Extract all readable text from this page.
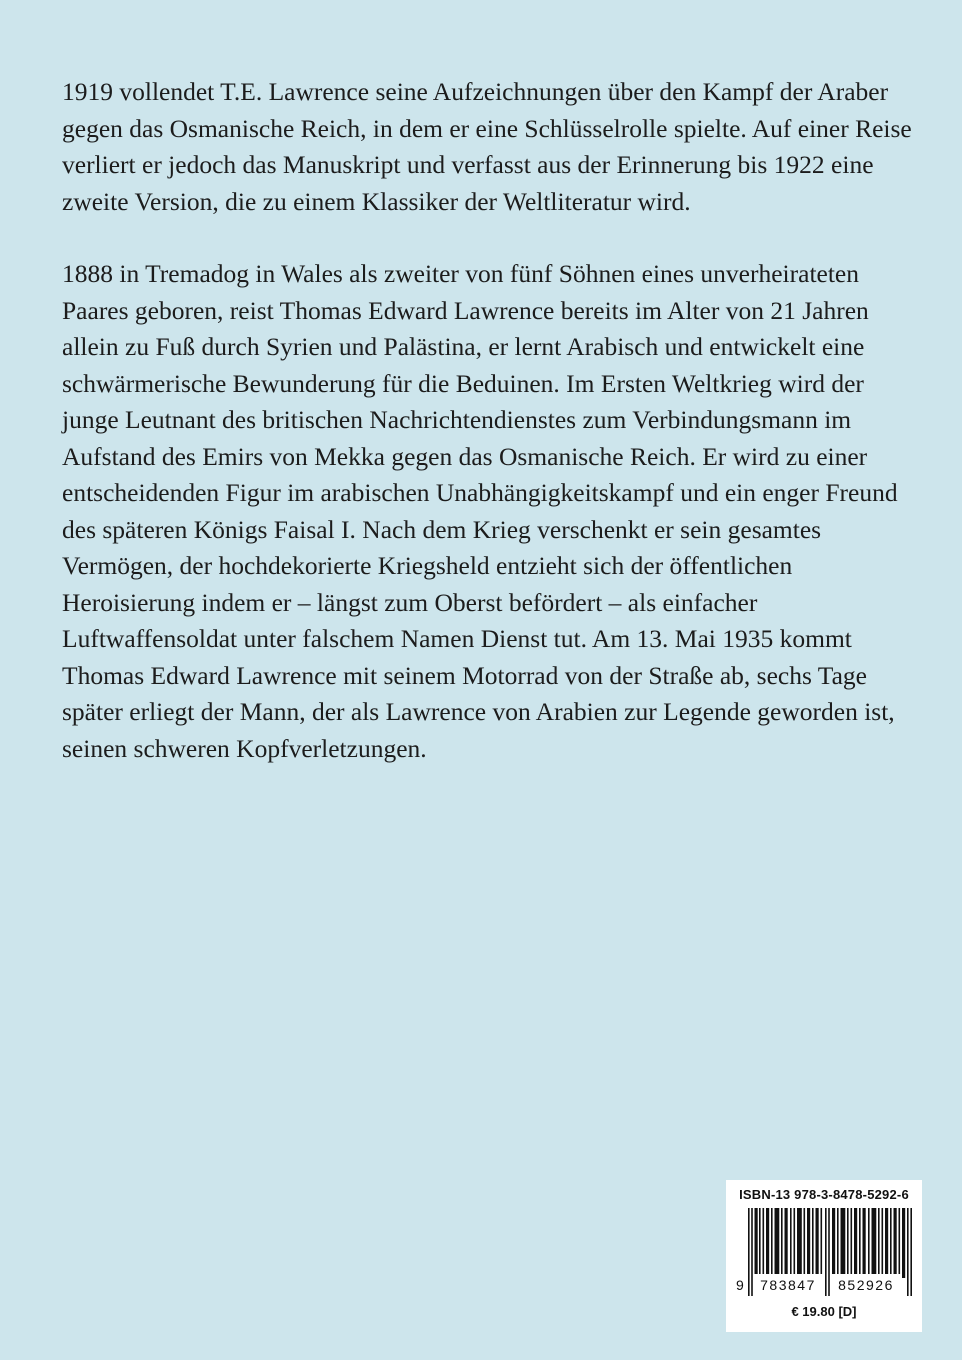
1919 vollendet T.E. Lawrence seine Aufzeichnungen über den Kampf der Araber gegen das Osmanische Reich, in dem er eine Schlüsselrolle spielte. Auf einer Reise verliert er jedoch das Manuskript und verfasst aus der Erinnerung bis 1922 eine zweite Version, die zu einem Klassiker der Weltliteratur wird.

1888 in Tremadog in Wales als zweiter von fünf Söhnen eines unverheirateten Paares geboren, reist Thomas Edward Lawrence bereits im Alter von 21 Jahren allein zu Fuß durch Syrien und Palästina, er lernt Arabisch und entwickelt eine schwärmerische Bewunderung für die Beduinen. Im Ersten Weltkrieg wird der junge Leutnant des britischen Nachrichtendienstes zum Verbindungsmann im Aufstand des Emirs von Mekka gegen das Osmanische Reich. Er wird zu einer entscheidenden Figur im arabischen Unabhängigkeitskampf und ein enger Freund des späteren Königs Faisal I. Nach dem Krieg verschenkt er sein gesamtes Vermögen, der hochdekorierte Kriegsheld entzieht sich der öffentlichen Heroisierung indem er – längst zum Oberst befördert – als einfacher Luftwaffensoldat unter falschem Namen Dienst tut. Am 13. Mai 1935 kommt Thomas Edward Lawrence mit seinem Motorrad von der Straße ab, sechs Tage später erliegt der Mann, der als Lawrence von Arabien zur Legende geworden ist, seinen schweren Kopfverletzungen.

ISBN-13 978-3-8478-5292-6
9	783847	852926
€ 19.80 [D]
